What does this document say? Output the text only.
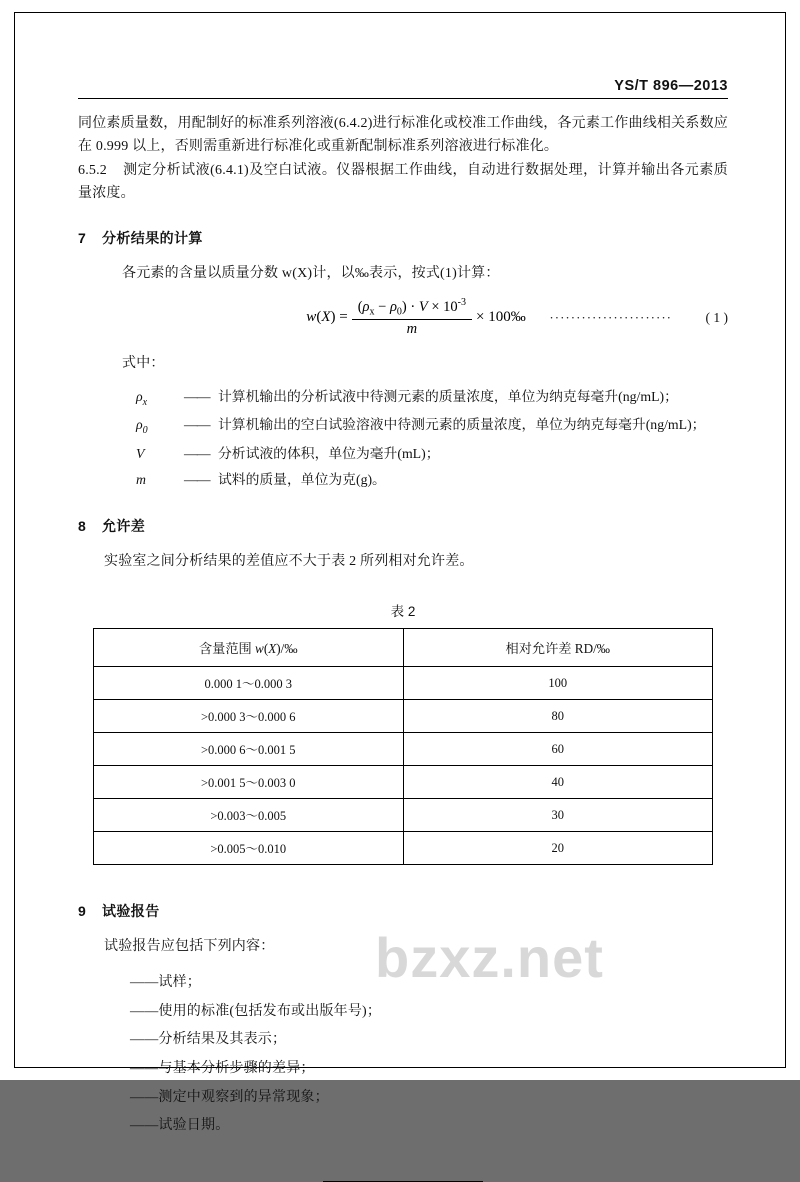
YS/T 896—2013

同位素质量数，用配制好的标准系列溶液(6.4.2)进行标准化或校准工作曲线，各元素工作曲线相关系数应在 0.999 以上，否则需重新进行标准化或重新配制标准系列溶液进行标准化。

6.5.2 测定分析试液(6.4.1)及空白试液。仪器根据工作曲线，自动进行数据处理，计算并输出各元素质量浓度。

7 分析结果的计算

各元素的含量以质量分数 w(X)计，以‰表示，按式(1)计算：

w ( X ) = $\frac{(\rho_x - \rho_0) \cdot V \times 10^{-3}}{m}$ × 100‰ ······················· ( 1 )

式中：

$\rho_x$	—— 计算机输出的分析试液中待测元素的质量浓度，单位为纳克每毫升(ng/mL)；
$\rho_0$	—— 计算机输出的空白试验溶液中待测元素的质量浓度，单位为纳克每毫升(ng/mL)；
V	—— 分析试液的体积，单位为毫升(mL)；
m	—— 试料的质量，单位为克(g)。
8 允许差

实验室之间分析结果的差值应不大于表 2 所列相对允许差。

表 2
含量范围 w(X)/‰	相对允许差 RD/‰
0.000 1～0.000 3	100
>0.000 3～0.000 6	80
>0.000 6～0.001 5	60
>0.001 5～0.003 0	40
>0.003～0.005	30
>0.005～0.010	20
9 试验报告

试验报告应包括下列内容：

——试样；
——使用的标准(包括发布或出版年号)；
——分析结果及其表示；
——与基本分析步骤的差异；
——测定中观察到的异常现象；
——试验日期。
bzxz.net
